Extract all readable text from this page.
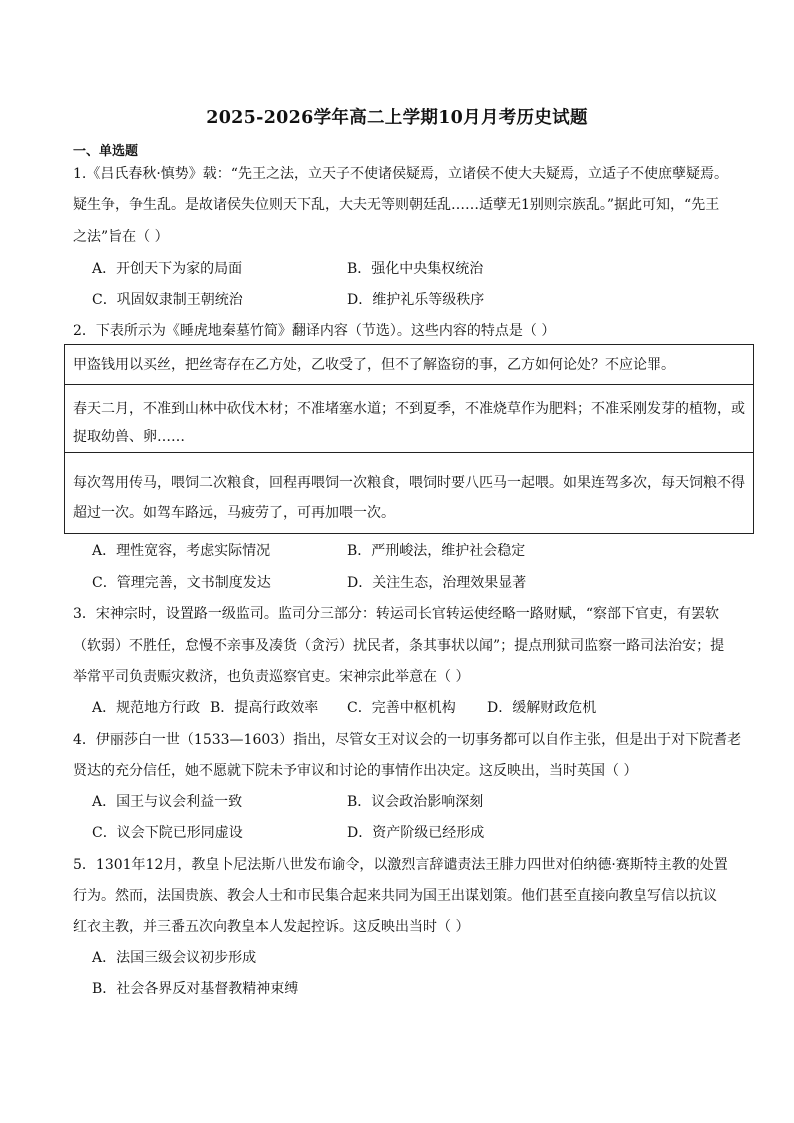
2025-2026学年高二上学期10月月考历史试题
一、单选题
1.《吕氏春秋·慎势》载：“先王之法，立天子不使诸侯疑焉，立诸侯不使大夫疑焉，立适子不使庶孽疑焉。
疑生争，争生乱。是故诸侯失位则天下乱，大夫无等则朝廷乱……适孽无1别则宗族乱。”据此可知，“先王
之法”旨在（ ）
A．开创天下为家的局面	B．强化中央集权统治
C．巩固奴隶制王朝统治	D．维护礼乐等级秩序
2．下表所示为《睡虎地秦墓竹简》翻译内容（节选）。这些内容的特点是（ ）
甲盗钱用以买丝，把丝寄存在乙方处，乙收受了，但不了解盗窃的事，乙方如何论处？不应论罪。
春天二月，不准到山林中砍伐木材；不准堵塞水道；不到夏季，不准烧草作为肥料；不准采刚发芽的植物，或
捉取幼兽、卵……
每次驾用传马，喂饲二次粮食，回程再喂饲一次粮食，喂饲时要八匹马一起喂。如果连驾多次，每天饲粮不得
超过一次。如驾车路远，马疲劳了，可再加喂一次。
A．理性宽容，考虑实际情况	B．严刑峻法，维护社会稳定
C．管理完善，文书制度发达	D．关注生态，治理效果显著
3．宋神宗时，设置路一级监司。监司分三部分：转运司长官转运使经略一路财赋，“察部下官吏，有罢软
（软弱）不胜任，怠慢不亲事及凑货（贪污）扰民者，条其事状以闻”；提点刑狱司监察一路司法治安；提
举常平司负责赈灾救济，也负责巡察官吏。宋神宗此举意在（ ）
A．规范地方行政 B．提高行政效率 C．完善中枢机构 D．缓解财政危机
4．伊丽莎白一世（1533—1603）指出，尽管女王对议会的一切事务都可以自作主张，但是出于对下院耆老
贤达的充分信任，她不愿就下院未予审议和讨论的事情作出决定。这反映出，当时英国（ ）
A．国王与议会利益一致	B．议会政治影响深刻
C．议会下院已形同虚设	D．资产阶级已经形成
5．1301年12月，教皇卜尼法斯八世发布谕令，以激烈言辞谴责法王腓力四世对伯纳德·赛斯特主教的处置
行为。然而，法国贵族、教会人士和市民集合起来共同为国王出谋划策。他们甚至直接向教皇写信以抗议
红衣主教，并三番五次向教皇本人发起控诉。这反映出当时（ ）
A．法国三级会议初步形成
B．社会各界反对基督教精神束缚
